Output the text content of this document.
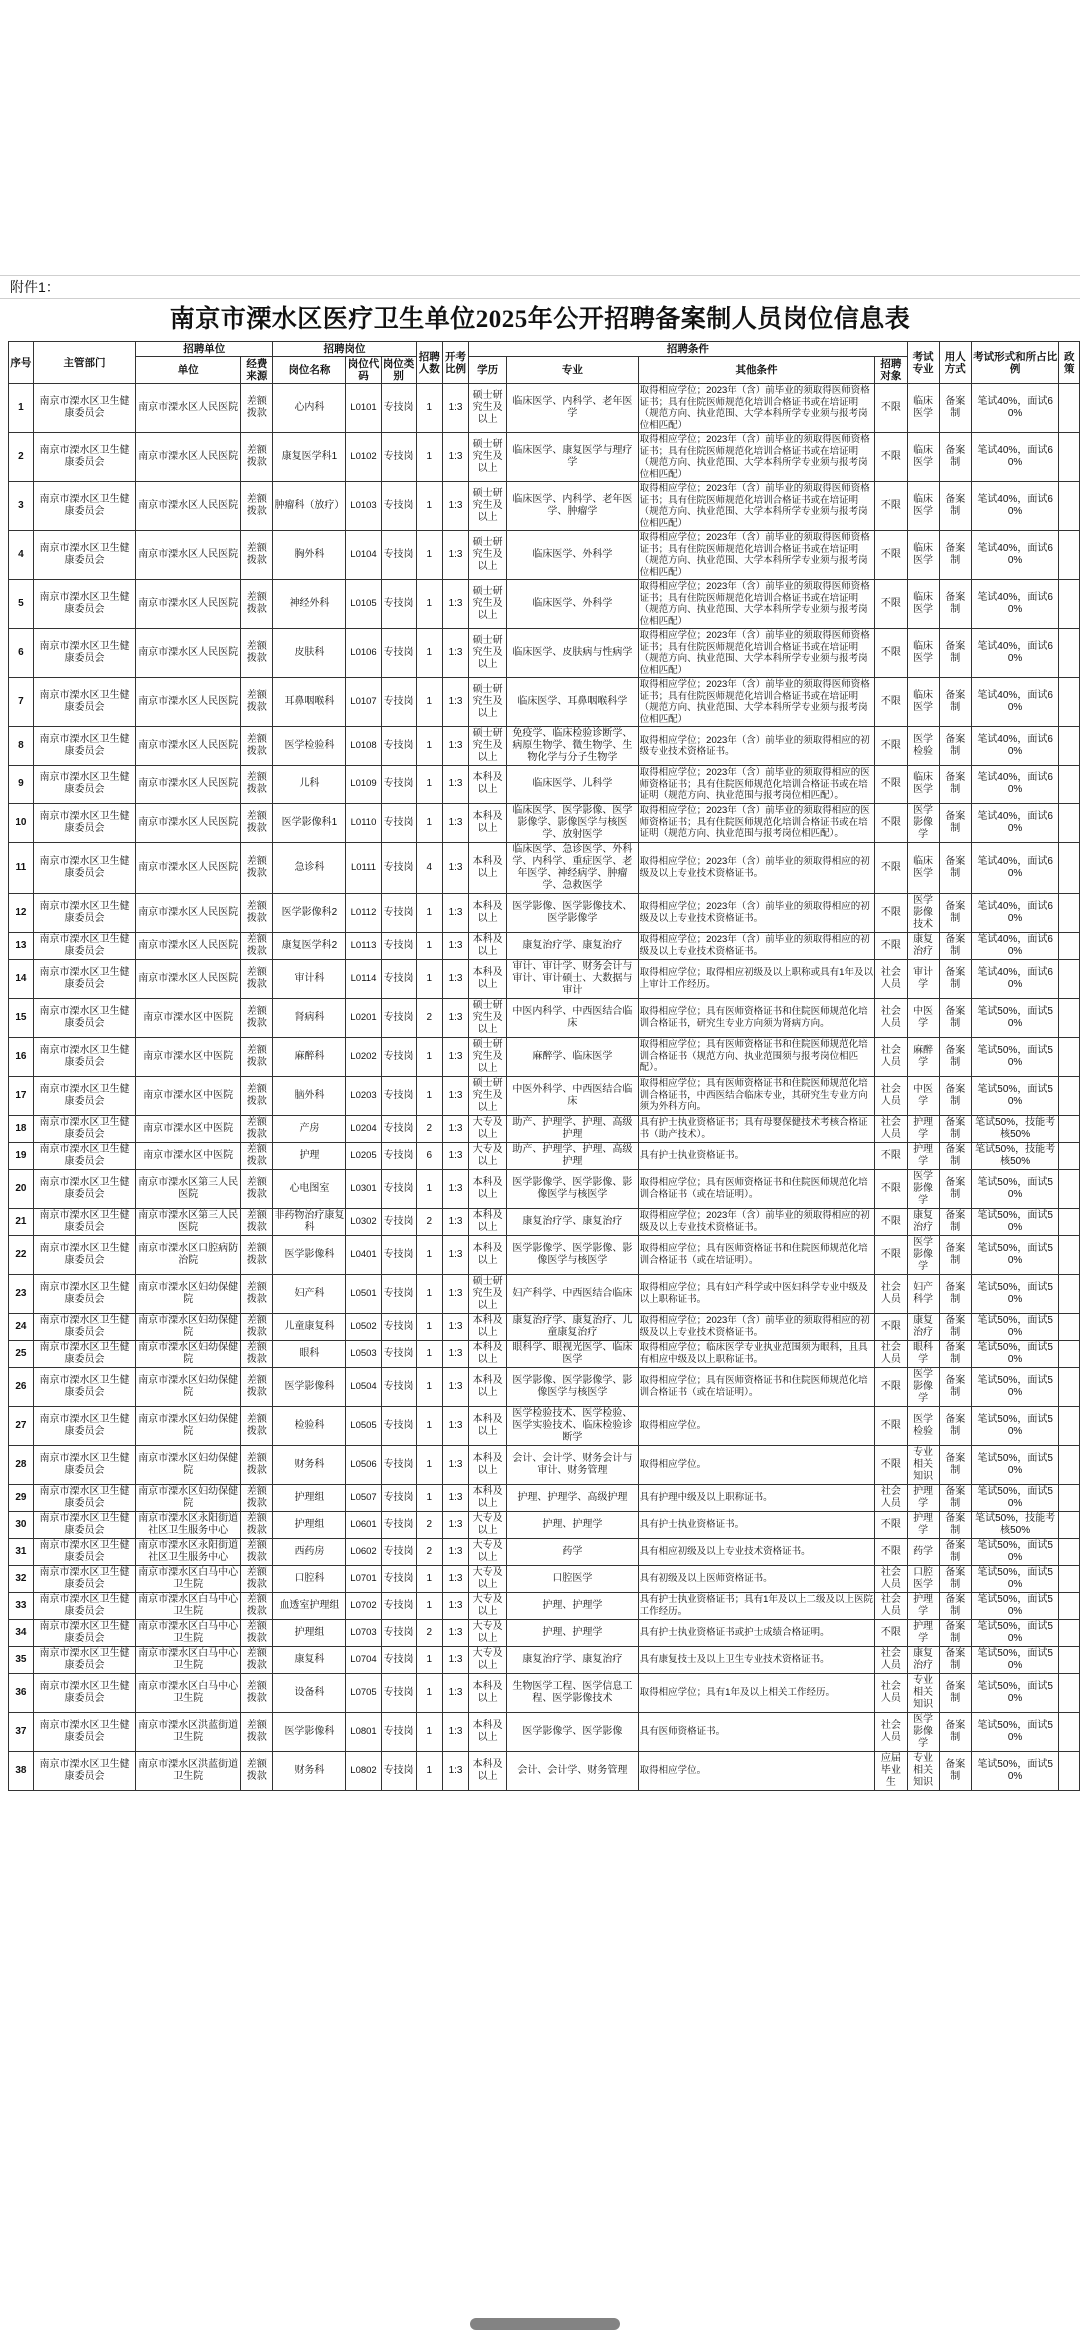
附件1：
南京市溧水区医疗卫生单位2025年公开招聘备案制人员岗位信息表
序号	主管部门	招聘单位		招聘岗位			招聘人数	开考比例	招聘条件				考试专业	用人方式	考试形式和所占比例	政策
		单位	经费来源	岗位名称	岗位代码	岗位类别			学历	专业	其他条件	招聘对象				
1	南京市溧水区卫生健康委员会	南京市溧水区人民医院	差额拨款	心内科	L0101	专技岗	1	1:3	硕士研究生及以上	临床医学、内科学、老年医学	取得相应学位；2023年（含）前毕业的须取得医师资格证书；具有住院医师规范化培训合格证书或在培证明（规范方向、执业范围、大学本科所学专业须与报考岗位相匹配）	不限	临床医学	备案制	笔试40%，面试60%	
2	南京市溧水区卫生健康委员会	南京市溧水区人民医院	差额拨款	康复医学科1	L0102	专技岗	1	1:3	硕士研究生及以上	临床医学、康复医学与理疗学	取得相应学位；2023年（含）前毕业的须取得医师资格证书；具有住院医师规范化培训合格证书或在培证明（规范方向、执业范围、大学本科所学专业须与报考岗位相匹配）	不限	临床医学	备案制	笔试40%，面试60%	
3	南京市溧水区卫生健康委员会	南京市溧水区人民医院	差额拨款	肿瘤科（放疗）	L0103	专技岗	1	1:3	硕士研究生及以上	临床医学、内科学、老年医学、肿瘤学	取得相应学位；2023年（含）前毕业的须取得医师资格证书；具有住院医师规范化培训合格证书或在培证明（规范方向、执业范围、大学本科所学专业须与报考岗位相匹配）	不限	临床医学	备案制	笔试40%，面试60%	
4	南京市溧水区卫生健康委员会	南京市溧水区人民医院	差额拨款	胸外科	L0104	专技岗	1	1:3	硕士研究生及以上	临床医学、外科学	取得相应学位；2023年（含）前毕业的须取得医师资格证书；具有住院医师规范化培训合格证书或在培证明（规范方向、执业范围、大学本科所学专业须与报考岗位相匹配）	不限	临床医学	备案制	笔试40%，面试60%	
5	南京市溧水区卫生健康委员会	南京市溧水区人民医院	差额拨款	神经外科	L0105	专技岗	1	1:3	硕士研究生及以上	临床医学、外科学	取得相应学位；2023年（含）前毕业的须取得医师资格证书；具有住院医师规范化培训合格证书或在培证明（规范方向、执业范围、大学本科所学专业须与报考岗位相匹配）	不限	临床医学	备案制	笔试40%，面试60%	
6	南京市溧水区卫生健康委员会	南京市溧水区人民医院	差额拨款	皮肤科	L0106	专技岗	1	1:3	硕士研究生及以上	临床医学、皮肤病与性病学	取得相应学位；2023年（含）前毕业的须取得医师资格证书；具有住院医师规范化培训合格证书或在培证明（规范方向、执业范围、大学本科所学专业须与报考岗位相匹配）	不限	临床医学	备案制	笔试40%，面试60%	
7	南京市溧水区卫生健康委员会	南京市溧水区人民医院	差额拨款	耳鼻咽喉科	L0107	专技岗	1	1:3	硕士研究生及以上	临床医学、耳鼻咽喉科学	取得相应学位；2023年（含）前毕业的须取得医师资格证书；具有住院医师规范化培训合格证书或在培证明（规范方向、执业范围、大学本科所学专业须与报考岗位相匹配）	不限	临床医学	备案制	笔试40%，面试60%	
8	南京市溧水区卫生健康委员会	南京市溧水区人民医院	差额拨款	医学检验科	L0108	专技岗	1	1:3	硕士研究生及以上	免疫学、临床检验诊断学、病原生物学、微生物学、生物化学与分子生物学	取得相应学位；2023年（含）前毕业的须取得相应的初级专业技术资格证书。	不限	医学检验	备案制	笔试40%，面试60%	
9	南京市溧水区卫生健康委员会	南京市溧水区人民医院	差额拨款	儿科	L0109	专技岗	1	1:3	本科及以上	临床医学、儿科学	取得相应学位；2023年（含）前毕业的须取得相应的医师资格证书；具有住院医师规范化培训合格证书或在培证明（规范方向、执业范围与报考岗位相匹配）。	不限	临床医学	备案制	笔试40%，面试60%	
10	南京市溧水区卫生健康委员会	南京市溧水区人民医院	差额拨款	医学影像科1	L0110	专技岗	1	1:3	本科及以上	临床医学、医学影像、医学影像学、影像医学与核医学、放射医学	取得相应学位；2023年（含）前毕业的须取得相应的医师资格证书；具有住院医师规范化培训合格证书或在培证明（规范方向、执业范围与报考岗位相匹配）。	不限	医学影像学	备案制	笔试40%，面试60%	
11	南京市溧水区卫生健康委员会	南京市溧水区人民医院	差额拨款	急诊科	L0111	专技岗	4	1:3	本科及以上	临床医学、急诊医学、外科学、内科学、重症医学、老年医学、神经病学、肿瘤学、急救医学	取得相应学位；2023年（含）前毕业的须取得相应的初级及以上专业技术资格证书。	不限	临床医学	备案制	笔试40%，面试60%	
12	南京市溧水区卫生健康委员会	南京市溧水区人民医院	差额拨款	医学影像科2	L0112	专技岗	1	1:3	本科及以上	医学影像、医学影像技术、医学影像学	取得相应学位；2023年（含）前毕业的须取得相应的初级及以上专业技术资格证书。	不限	医学影像技术	备案制	笔试40%，面试60%	
13	南京市溧水区卫生健康委员会	南京市溧水区人民医院	差额拨款	康复医学科2	L0113	专技岗	1	1:3	本科及以上	康复治疗学、康复治疗	取得相应学位；2023年（含）前毕业的须取得相应的初级及以上专业技术资格证书。	不限	康复治疗	备案制	笔试40%，面试60%	
14	南京市溧水区卫生健康委员会	南京市溧水区人民医院	差额拨款	审计科	L0114	专技岗	1	1:3	本科及以上	审计、审计学、财务会计与审计、审计硕士、大数据与审计	取得相应学位；取得相应初级及以上职称或具有1年及以上审计工作经历。	社会人员	审计学	备案制	笔试40%，面试60%	
15	南京市溧水区卫生健康委员会	南京市溧水区中医院	差额拨款	肾病科	L0201	专技岗	2	1:3	硕士研究生及以上	中医内科学、中西医结合临床	取得相应学位；具有医师资格证书和住院医师规范化培训合格证书，研究生专业方向须为肾病方向。	社会人员	中医学	备案制	笔试50%，面试50%	
16	南京市溧水区卫生健康委员会	南京市溧水区中医院	差额拨款	麻醉科	L0202	专技岗	1	1:3	硕士研究生及以上	麻醉学、临床医学	取得相应学位；具有医师资格证书和住院医师规范化培训合格证书（规范方向、执业范围须与报考岗位相匹配）。	社会人员	麻醉学	备案制	笔试50%，面试50%	
17	南京市溧水区卫生健康委员会	南京市溧水区中医院	差额拨款	脑外科	L0203	专技岗	1	1:3	硕士研究生及以上	中医外科学、中西医结合临床	取得相应学位；具有医师资格证书和住院医师规范化培训合格证书，中西医结合临床专业，其研究生专业方向须为外科方向。	社会人员	中医学	备案制	笔试50%，面试50%	
18	南京市溧水区卫生健康委员会	南京市溧水区中医院	差额拨款	产房	L0204	专技岗	2	1:3	大专及以上	助产、护理学、护理、高级护理	具有护士执业资格证书；具有母婴保健技术考核合格证书（助产技术）。	社会人员	护理学	备案制	笔试50%，技能考核50%	
19	南京市溧水区卫生健康委员会	南京市溧水区中医院	差额拨款	护理	L0205	专技岗	6	1:3	大专及以上	助产、护理学、护理、高级护理	具有护士执业资格证书。	不限	护理学	备案制	笔试50%，技能考核50%	
20	南京市溧水区卫生健康委员会	南京市溧水区第三人民医院	差额拨款	心电图室	L0301	专技岗	1	1:3	本科及以上	医学影像学、医学影像、影像医学与核医学	取得相应学位；具有医师资格证书和住院医师规范化培训合格证书（或在培证明）。	不限	医学影像学	备案制	笔试50%，面试50%	
21	南京市溧水区卫生健康委员会	南京市溧水区第三人民医院	差额拨款	非药物治疗康复科	L0302	专技岗	2	1:3	本科及以上	康复治疗学、康复治疗	取得相应学位；2023年（含）前毕业的须取得相应的初级及以上专业技术资格证书。	不限	康复治疗	备案制	笔试50%，面试50%	
22	南京市溧水区卫生健康委员会	南京市溧水区口腔病防治院	差额拨款	医学影像科	L0401	专技岗	1	1:3	本科及以上	医学影像学、医学影像、影像医学与核医学	取得相应学位；具有医师资格证书和住院医师规范化培训合格证书（或在培证明）。	不限	医学影像学	备案制	笔试50%，面试50%	
23	南京市溧水区卫生健康委员会	南京市溧水区妇幼保健院	差额拨款	妇产科	L0501	专技岗	1	1:3	硕士研究生及以上	妇产科学、中西医结合临床	取得相应学位；具有妇产科学或中医妇科学专业中级及以上职称证书。	社会人员	妇产科学	备案制	笔试50%，面试50%	
24	南京市溧水区卫生健康委员会	南京市溧水区妇幼保健院	差额拨款	儿童康复科	L0502	专技岗	1	1:3	本科及以上	康复治疗学、康复治疗、儿童康复治疗	取得相应学位；2023年（含）前毕业的须取得相应的初级及以上专业技术资格证书。	不限	康复治疗	备案制	笔试50%，面试50%	
25	南京市溧水区卫生健康委员会	南京市溧水区妇幼保健院	差额拨款	眼科	L0503	专技岗	1	1:3	本科及以上	眼科学、眼视光医学、临床医学	取得相应学位；临床医学专业执业范围须为眼科，且具有相应中级及以上职称证书。	社会人员	眼科学	备案制	笔试50%，面试50%	
26	南京市溧水区卫生健康委员会	南京市溧水区妇幼保健院	差额拨款	医学影像科	L0504	专技岗	1	1:3	本科及以上	医学影像、医学影像学、影像医学与核医学	取得相应学位；具有医师资格证书和住院医师规范化培训合格证书（或在培证明）。	不限	医学影像学	备案制	笔试50%，面试50%	
27	南京市溧水区卫生健康委员会	南京市溧水区妇幼保健院	差额拨款	检验科	L0505	专技岗	1	1:3	本科及以上	医学检验技术、医学检验、医学实验技术、临床检验诊断学	取得相应学位。	不限	医学检验	备案制	笔试50%，面试50%	
28	南京市溧水区卫生健康委员会	南京市溧水区妇幼保健院	差额拨款	财务科	L0506	专技岗	1	1:3	本科及以上	会计、会计学、财务会计与审计、财务管理	取得相应学位。	不限	专业相关知识	备案制	笔试50%，面试50%	
29	南京市溧水区卫生健康委员会	南京市溧水区妇幼保健院	差额拨款	护理组	L0507	专技岗	1	1:3	本科及以上	护理、护理学、高级护理	具有护理中级及以上职称证书。	社会人员	护理学	备案制	笔试50%，面试50%	
30	南京市溧水区卫生健康委员会	南京市溧水区永阳街道社区卫生服务中心	差额拨款	护理组	L0601	专技岗	2	1:3	大专及以上	护理、护理学	具有护士执业资格证书。	不限	护理学	备案制	笔试50%，技能考核50%	
31	南京市溧水区卫生健康委员会	南京市溧水区永阳街道社区卫生服务中心	差额拨款	西药房	L0602	专技岗	2	1:3	大专及以上	药学	具有相应初级及以上专业技术资格证书。	不限	药学	备案制	笔试50%，面试50%	
32	南京市溧水区卫生健康委员会	南京市溧水区白马中心卫生院	差额拨款	口腔科	L0701	专技岗	1	1:3	大专及以上	口腔医学	具有初级及以上医师资格证书。	社会人员	口腔医学	备案制	笔试50%，面试50%	
33	南京市溧水区卫生健康委员会	南京市溧水区白马中心卫生院	差额拨款	血透室护理组	L0702	专技岗	1	1:3	大专及以上	护理、护理学	具有护士执业资格证书；具有1年及以上二级及以上医院工作经历。	社会人员	护理学	备案制	笔试50%，面试50%	
34	南京市溧水区卫生健康委员会	南京市溧水区白马中心卫生院	差额拨款	护理组	L0703	专技岗	2	1:3	大专及以上	护理、护理学	具有护士执业资格证书或护士成绩合格证明。	不限	护理学	备案制	笔试50%，面试50%	
35	南京市溧水区卫生健康委员会	南京市溧水区白马中心卫生院	差额拨款	康复科	L0704	专技岗	1	1:3	大专及以上	康复治疗学、康复治疗	具有康复技士及以上卫生专业技术资格证书。	社会人员	康复治疗	备案制	笔试50%，面试50%	
36	南京市溧水区卫生健康委员会	南京市溧水区白马中心卫生院	差额拨款	设备科	L0705	专技岗	1	1:3	本科及以上	生物医学工程、医学信息工程、医学影像技术	取得相应学位；具有1年及以上相关工作经历。	社会人员	专业相关知识	备案制	笔试50%，面试50%	
37	南京市溧水区卫生健康委员会	南京市溧水区洪蓝街道卫生院	差额拨款	医学影像科	L0801	专技岗	1	1:3	本科及以上	医学影像学、医学影像	具有医师资格证书。	社会人员	医学影像学	备案制	笔试50%，面试50%	
38	南京市溧水区卫生健康委员会	南京市溧水区洪蓝街道卫生院	差额拨款	财务科	L0802	专技岗	1	1:3	本科及以上	会计、会计学、财务管理	取得相应学位。	应届毕业生	专业相关知识	备案制	笔试50%，面试50%	
